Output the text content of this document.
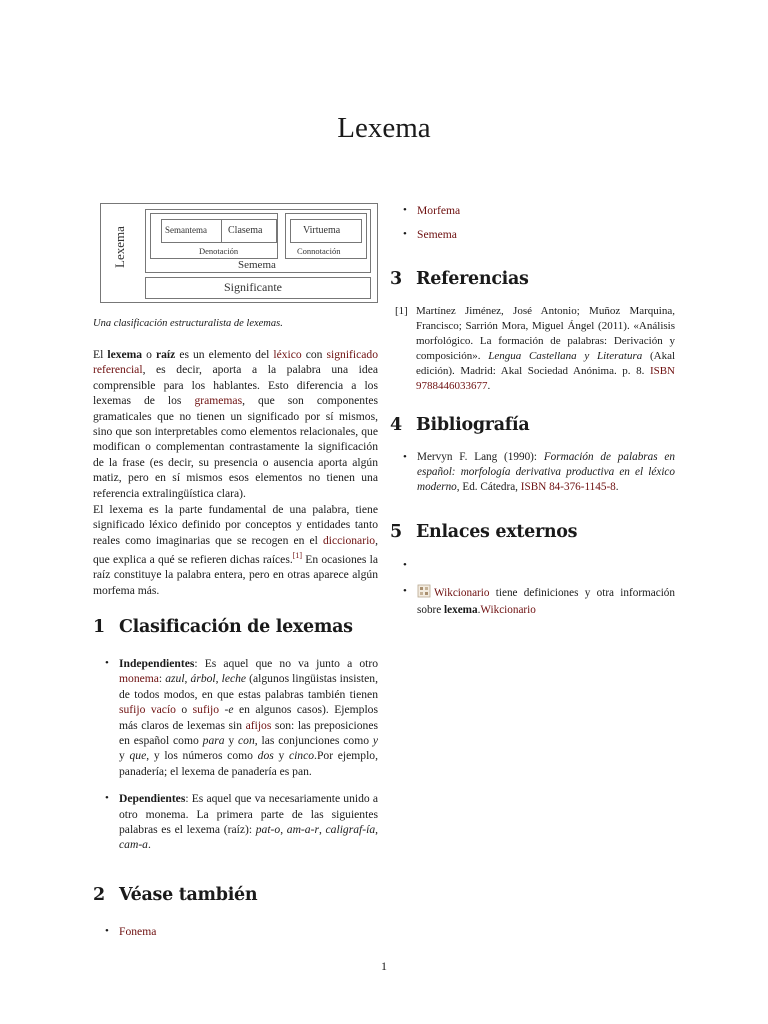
Lexema
Lexema	Semantema Clasema	Virtuema
Denotación	Connotación
Semema
Significante
Una clasificación estructuralista de lexemas.
El lexema o raíz es un elemento del léxico con significado referencial, es decir, aporta a la palabra una idea comprensible para los hablantes. Esto diferencia a los lexemas de los gramemas, que son componentes gramaticales que no tienen un significado por sí mismos, sino que son interpretables como elementos relacionales, que modifican o complementan contrastamente la significación de la frase (es decir, su presencia o ausencia aporta algún matiz, pero en sí mismos esos elementos no tienen una referencia extralingüística clara).
El lexema es la parte fundamental de una palabra, tiene significado léxico definido por conceptos y entidades tanto reales como imaginarias que se recogen en el diccionario, que explica a qué se refieren dichas raíces.[1] En ocasiones la raíz constituye la palabra entera, pero en otras aparece algún morfema más.
1 Clasificación de lexemas
• Independientes: Es aquel que no va junto a otro monema: azul, árbol, leche (algunos lingüistas insisten, de todos modos, en que estas palabras también tienen sufijo vacío o sufijo -e en algunos casos). Ejemplos más claros de lexemas sin afijos son: las preposiciones en español como para y con, las conjunciones como y y que, y los números como dos y cinco.Por ejemplo, panadería; el lexema de panadería es pan.
• Dependientes: Es aquel que va necesariamente unido a otro monema. La primera parte de las siguientes palabras es el lexema (raíz): pat-o, am-a-r, caligraf-ía, cam-a.
2 Véase también
• Fonema
• Morfema
• Semema
3 Referencias
[1] Martínez Jiménez, José Antonio; Muñoz Marquina, Francisco; Sarrión Mora, Miguel Ángel (2011). «Análisis morfológico. La formación de palabras: Derivación y composición». Lengua Castellana y Literatura (Akal edición). Madrid: Akal Sociedad Anónima. p. 8. ISBN 9788446033677.
4 Bibliografía
• Mervyn F. Lang (1990): Formación de palabras en español: morfología derivativa productiva en el léxico moderno, Ed. Cátedra, ISBN 84-376-1145-8.
5 Enlaces externos
•
• Wikcionario tiene definiciones y otra información sobre lexema.Wikcionario
1
